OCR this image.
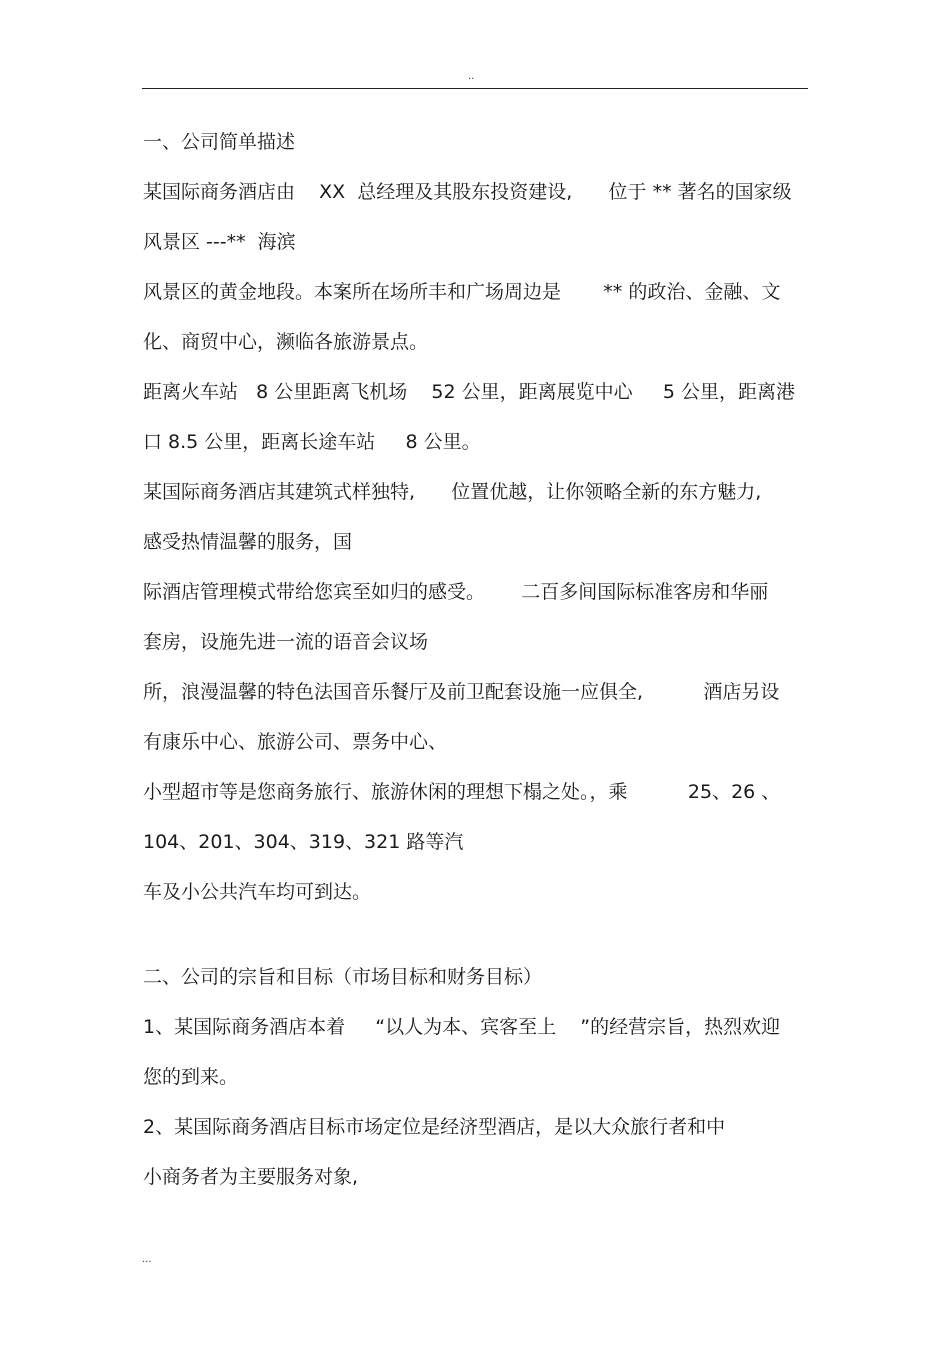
..
一、公司简单描述
某国际商务酒店由    XX  总经理及其股东投资建设,      位于 ** 著名的国家级
风景区 ---**  海滨
风景区的黄金地段。本案所在场所丰和广场周边是       ** 的政治、金融、文
化、商贸中心，濒临各旅游景点。
距离火车站   8 公里距离飞机场    52 公里，距离展览中心     5 公里，距离港
口 8.5 公里，距离长途车站     8 公里。
某国际商务酒店其建筑式样独特,      位置优越，让你领略全新的东方魅力,
感受热情温馨的服务，国
际酒店管理模式带给您宾至如归的感受。      二百多间国际标准客房和华丽
套房，设施先进一流的语音会议场
所，浪漫温馨的特色法国音乐餐厅及前卫配套设施一应俱全,          酒店另设
有康乐中心、旅游公司、票务中心、
小型超市等是您商务旅行、旅游休闲的理想下榻之处。，乘          25、26 、
104、201、304、319、321 路等汽
车及小公共汽车均可到达。
二、公司的宗旨和目标（市场目标和财务目标）
1、某国际商务酒店本着     “以人为本、宾客至上    ”的经营宗旨，热烈欢迎
您的到来。
2、某国际商务酒店目标市场定位是经济型酒店，是以大众旅行者和中
小商务者为主要服务对象,
...
